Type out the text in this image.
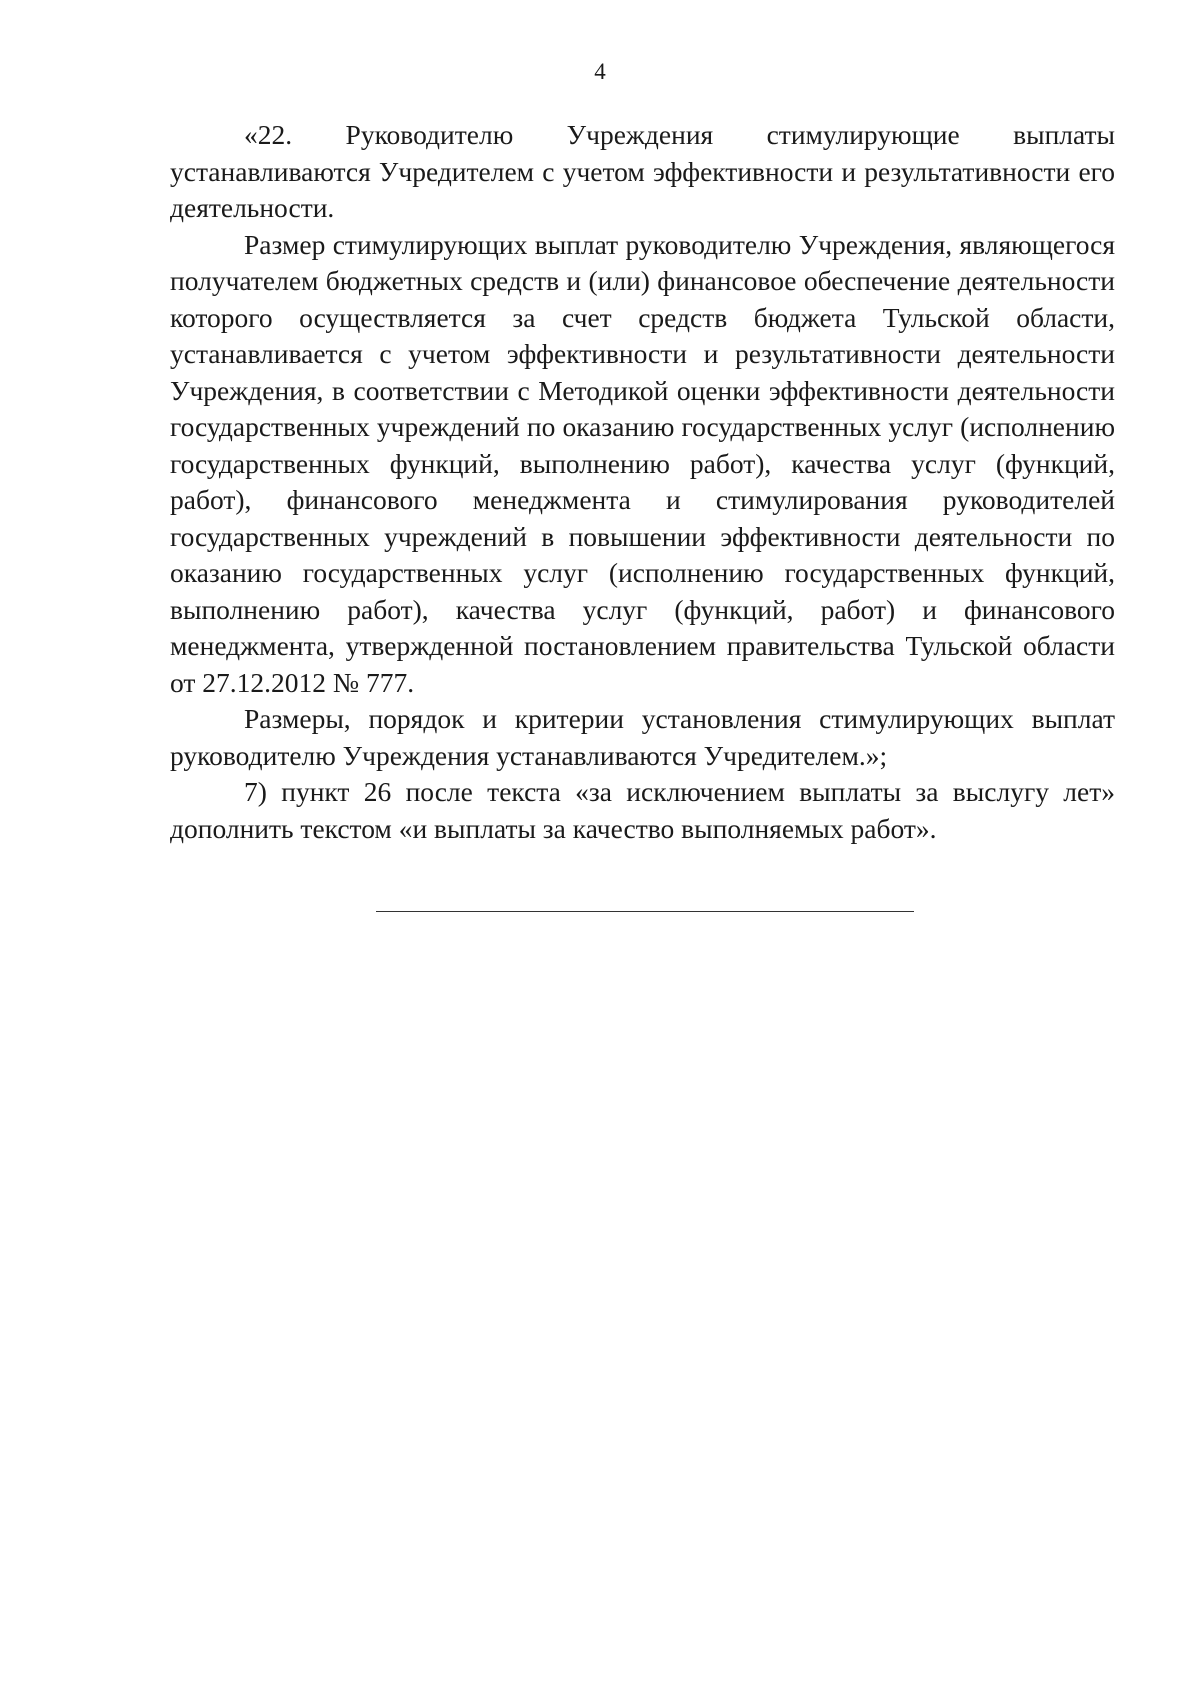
4

«22. Руководителю Учреждения стимулирующие выплаты устанавливаются Учредителем с учетом эффективности и результативности его деятельности.

Размер стимулирующих выплат руководителю Учреждения, являющегося получателем бюджетных средств и (или) финансовое обеспечение деятельности которого осуществляется за счет средств бюджета Тульской области, устанавливается с учетом эффективности и результативности деятельности Учреждения, в соответствии с Методикой оценки эффективности деятельности государственных учреждений по оказанию государственных услуг (исполнению государственных функций, выполнению работ), качества услуг (функций, работ), финансового менеджмента и стимулирования руководителей государственных учреждений в повышении эффективности деятельности по оказанию государственных услуг (исполнению государственных функций, выполнению работ), качества услуг (функций, работ) и финансового менеджмента, утвержденной постановлением правительства Тульской области от 27.12.2012 № 777.

Размеры, порядок и критерии установления стимулирующих выплат руководителю Учреждения устанавливаются Учредителем.»;

7) пункт 26 после текста «за исключением выплаты за выслугу лет» дополнить текстом «и выплаты за качество выполняемых работ».
